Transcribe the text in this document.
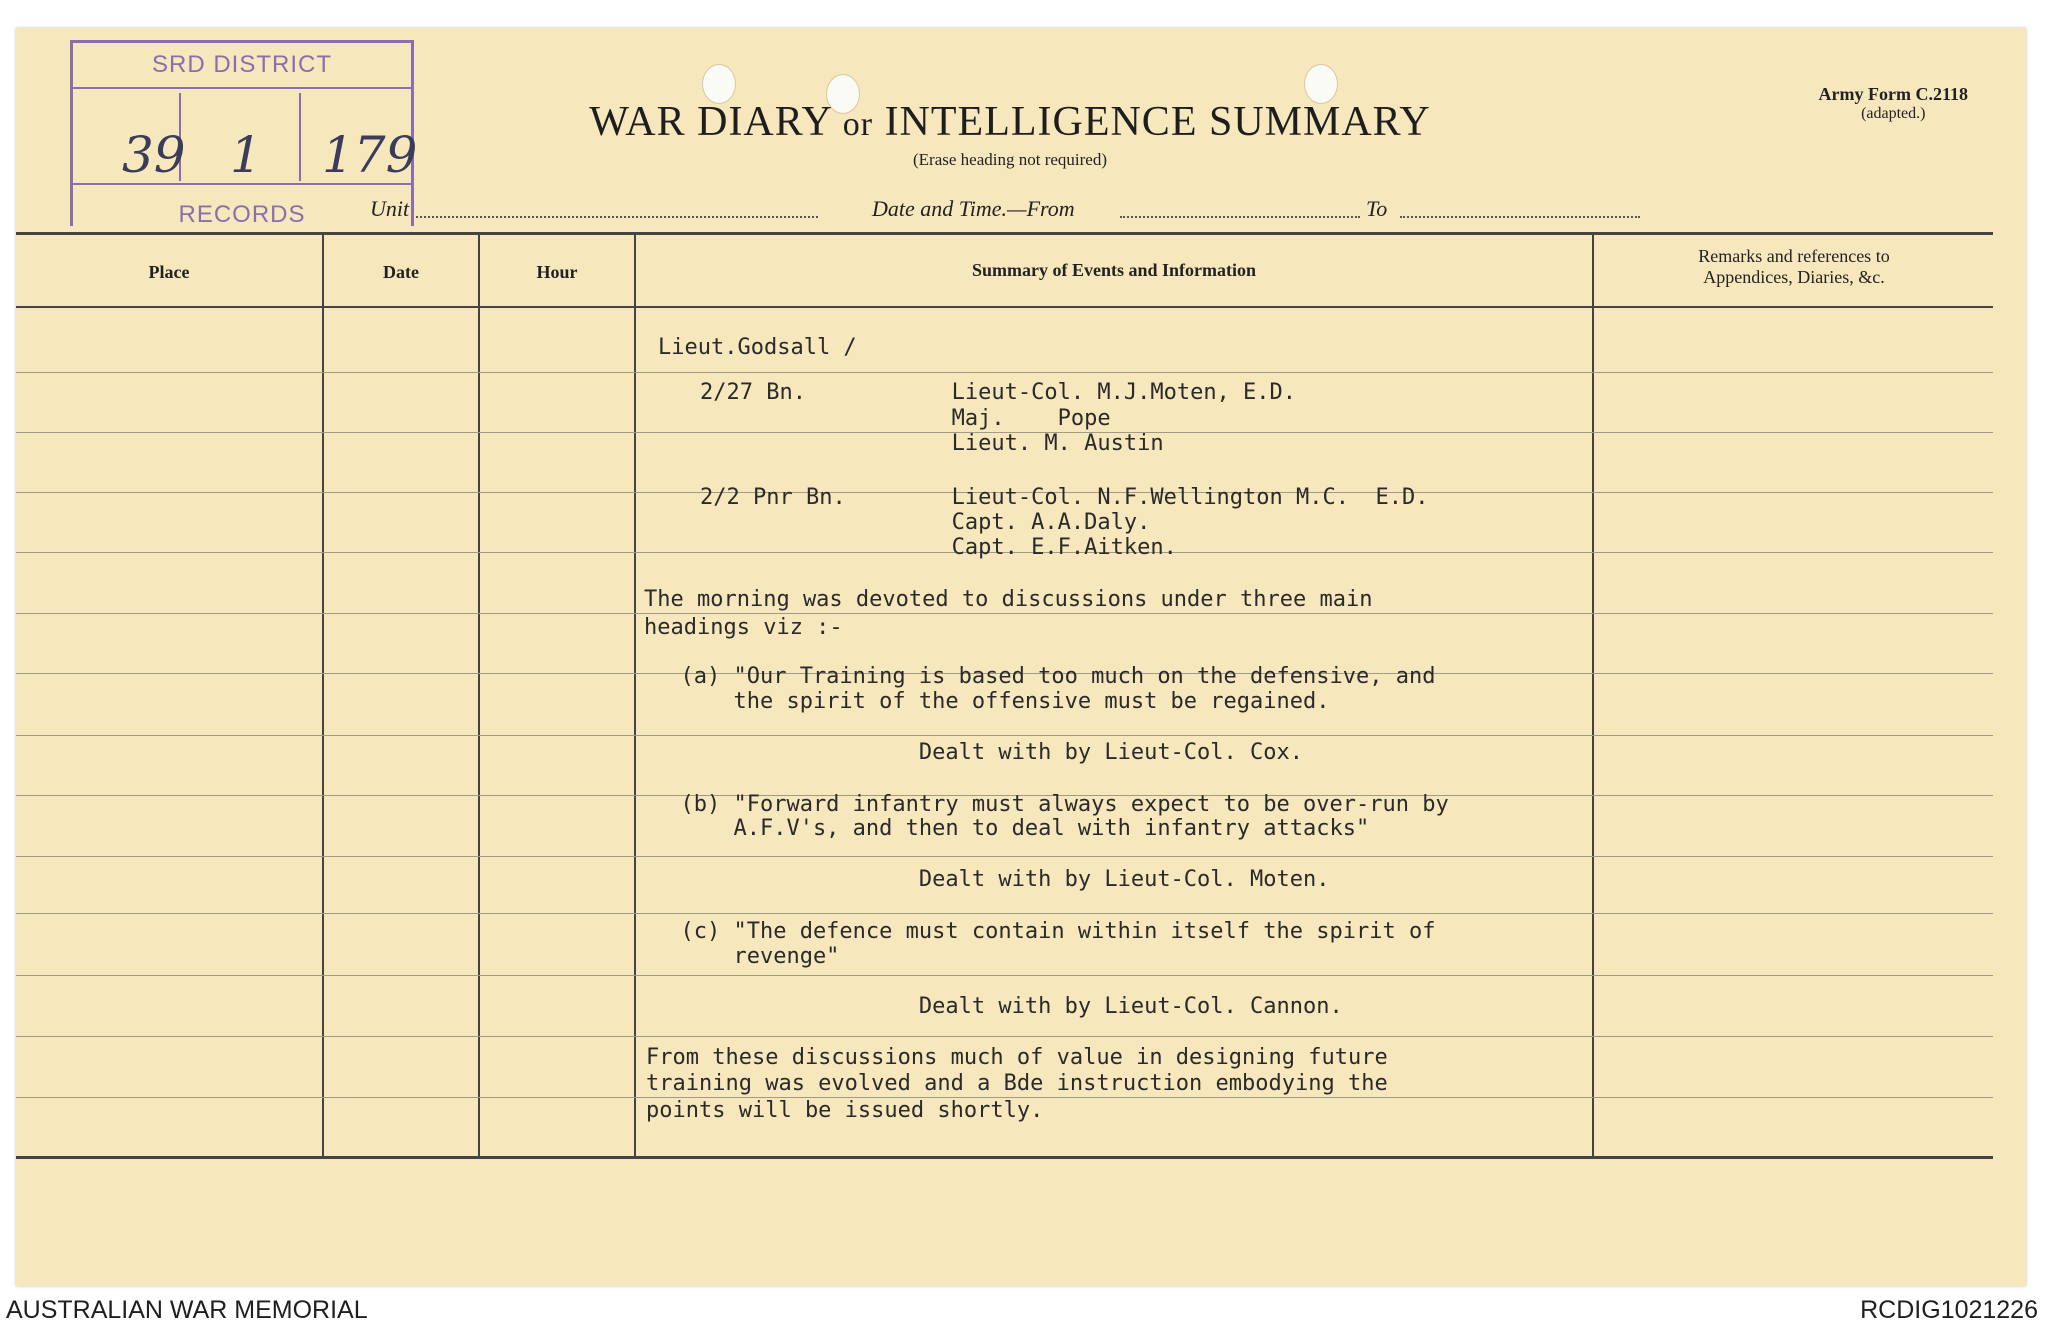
SRD DISTRICT
RECORDS
39 1 179
WAR DIARY or INTELLIGENCE SUMMARY
(Erase heading not required)
Army Form C.2118
(adapted.)
Unit	Date and Time.—From	To
Place	Date	Hour	Summary of Events and Information
Remarks and references to
Appendices, Diaries, &c.
Lieut.Godsall /
2/27 Bn.           Lieut-Col. M.J.Moten, E.D.
Maj.    Pope
Lieut. M. Austin
2/2 Pnr Bn.        Lieut-Col. N.F.Wellington M.C.  E.D.
Capt. A.A.Daly.
Capt. E.F.Aitken.
The morning was devoted to discussions under three main
headings viz :-
(a) "Our Training is based too much on the defensive, and
the spirit of the offensive must be regained.
Dealt with by Lieut-Col. Cox.
(b) "Forward infantry must always expect to be over-run by
A.F.V's, and then to deal with infantry attacks"
Dealt with by Lieut-Col. Moten.
(c) "The defence must contain within itself the spirit of
revenge"
Dealt with by Lieut-Col. Cannon.
From these discussions much of value in designing future
training was evolved and a Bde instruction embodying the
points will be issued shortly.
AUSTRALIAN WAR MEMORIAL	RCDIG1021226
